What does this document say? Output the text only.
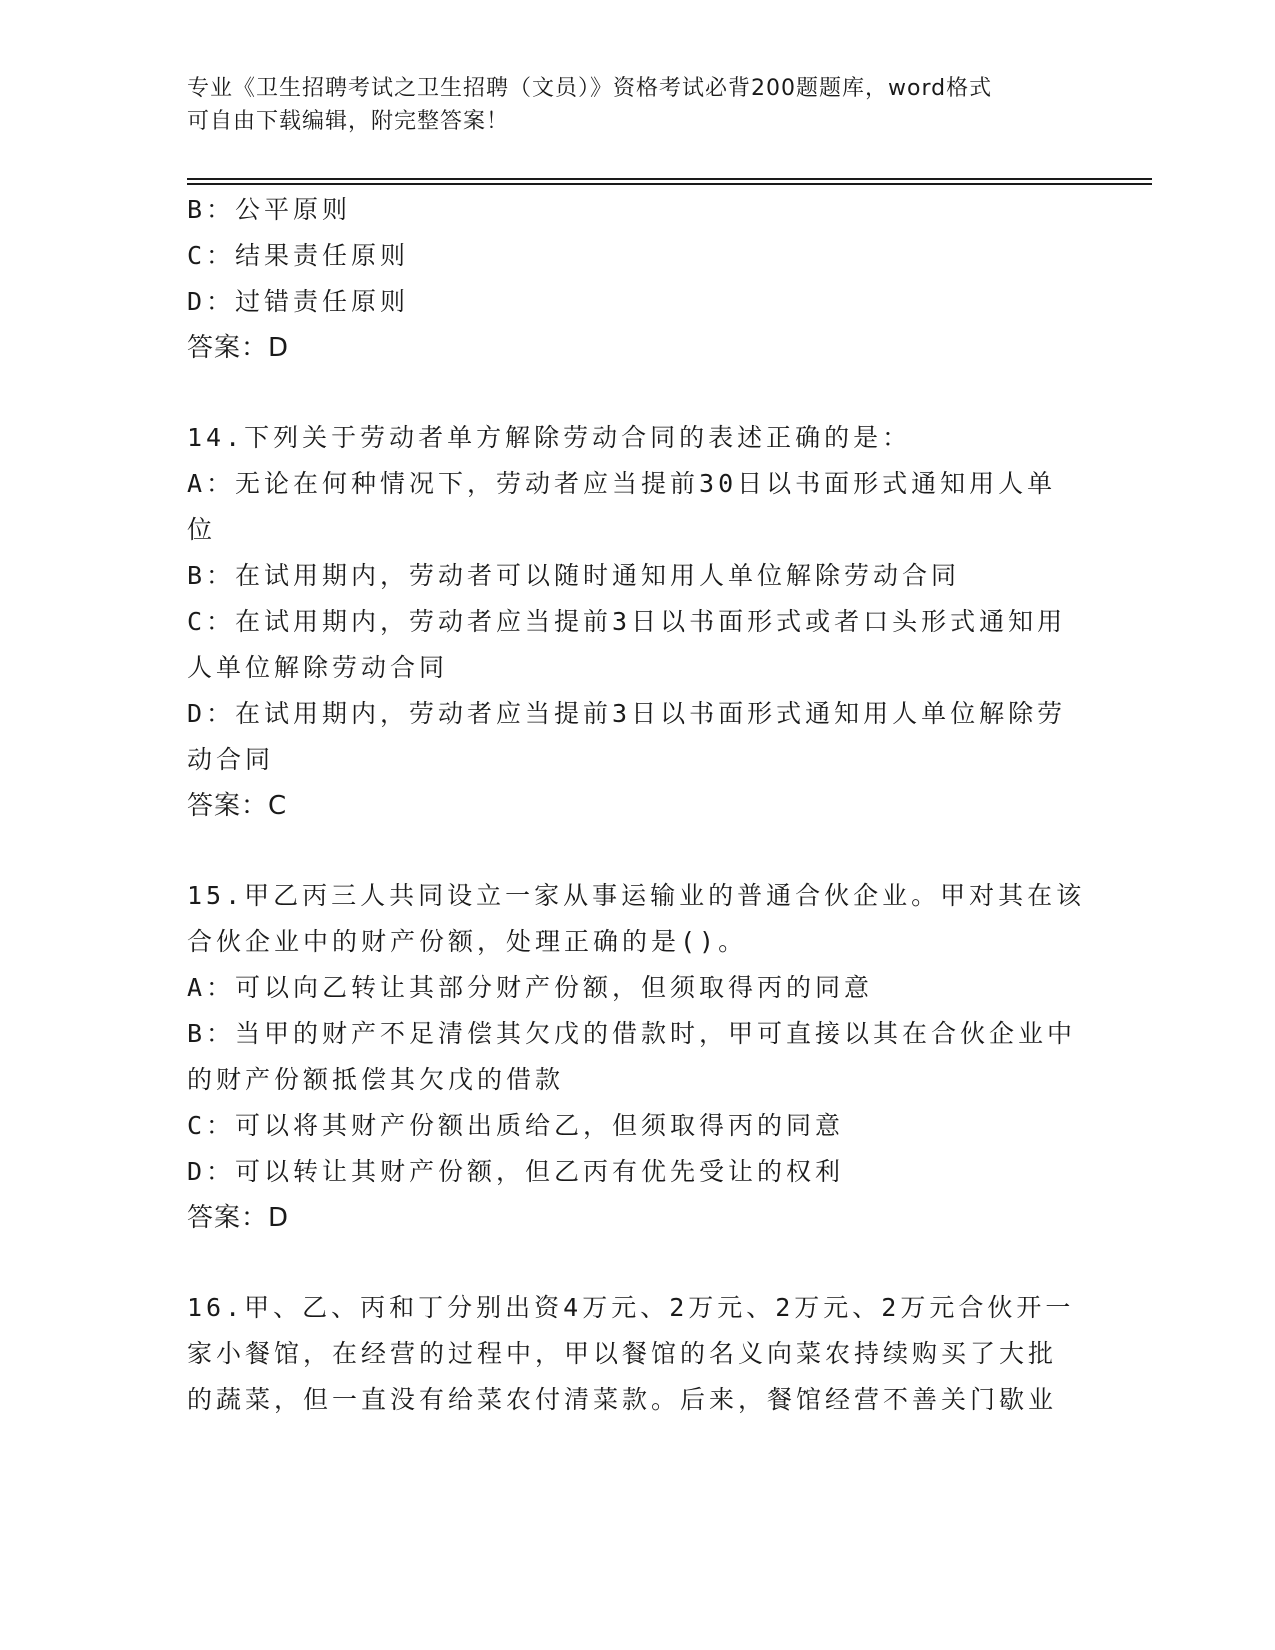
专业《卫生招聘考试之卫生招聘（文员）》资格考试必背200题题库，word格式
可自由下载编辑，附完整答案！
B：公平原则
C：结果责任原则
D：过错责任原则
答案：D
14.下列关于劳动者单方解除劳动合同的表述正确的是：
A：无论在何种情况下，劳动者应当提前30日以书面形式通知用人单
位
B：在试用期内，劳动者可以随时通知用人单位解除劳动合同
C：在试用期内，劳动者应当提前3日以书面形式或者口头形式通知用
人单位解除劳动合同
D：在试用期内，劳动者应当提前3日以书面形式通知用人单位解除劳
动合同
答案：C
15.甲乙丙三人共同设立一家从事运输业的普通合伙企业。甲对其在该
合伙企业中的财产份额，处理正确的是()。
A：可以向乙转让其部分财产份额，但须取得丙的同意
B：当甲的财产不足清偿其欠戊的借款时，甲可直接以其在合伙企业中
的财产份额抵偿其欠戊的借款
C：可以将其财产份额出质给乙，但须取得丙的同意
D：可以转让其财产份额，但乙丙有优先受让的权利
答案：D
16.甲、乙、丙和丁分别出资4万元、2万元、2万元、2万元合伙开一
家小餐馆，在经营的过程中，甲以餐馆的名义向菜农持续购买了大批
的蔬菜，但一直没有给菜农付清菜款。后来，餐馆经营不善关门歇业
